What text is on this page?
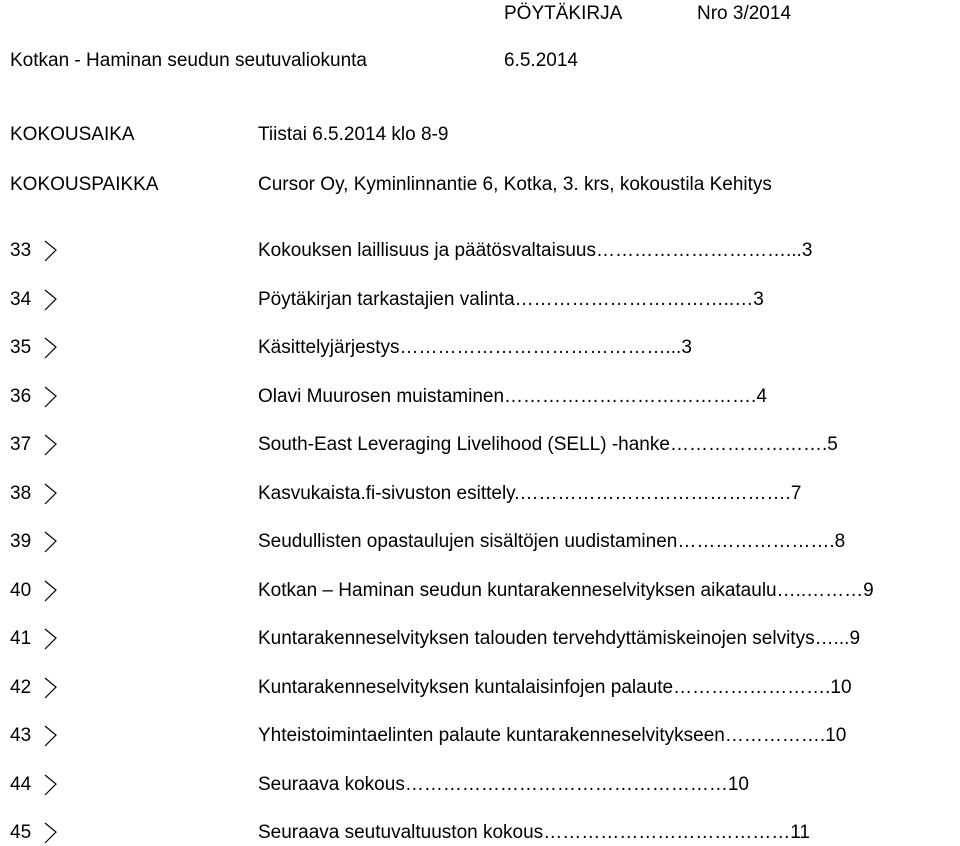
PÖYTÄKIRJA	Nro 3/2014
Kotkan - Haminan seudun seutuvaliokunta	6.5.2014
KOKOUSAIKA	Tiistai 6.5.2014 klo 8-9
KOKOUSPAIKKA	Cursor Oy, Kyminlinnantie 6, Kotka, 3. krs, kokoustila Kehitys
33	Kokouksen laillisuus ja päätösvaltaisuus…………………………...3
34	Pöytäkirjan tarkastajien valinta……………………………..…3
35	Käsittelyjärjestys……………………………………...3
36	Olavi Muurosen muistaminen………………………………….4
37	South-East Leveraging Livelihood (SELL) -hanke…………………….5
38	Kasvukaista.fi-sivuston esittely.…………………………………….7
39	Seudullisten opastaulujen sisältöjen uudistaminen…………………….8
40	Kotkan – Haminan seudun kuntarakenneselvityksen aikataulu…..………9
41	Kuntarakenneselvityksen talouden tervehdyttämiskeinojen selvitys…...9
42	Kuntarakenneselvityksen kuntalaisinfojen palaute…………………….10
43	Yhteistoimintaelinten palaute kuntarakenneselvitykseen…………….10
44	Seuraava kokous……………………………………………10
45	Seuraava seutuvaltuuston kokous…………………………………11
